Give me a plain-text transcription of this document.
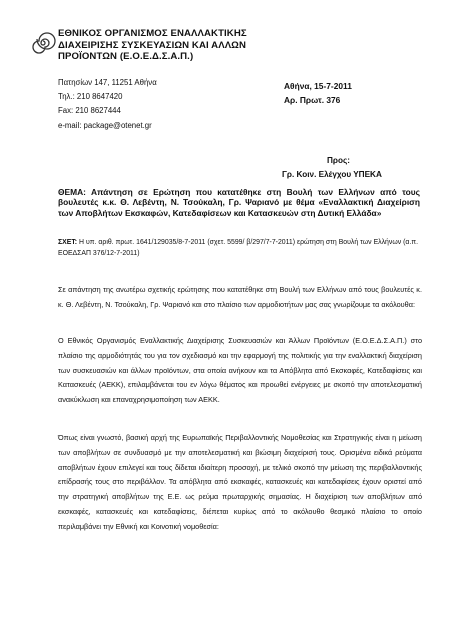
ΕΘΝΙΚΟΣ ΟΡΓΑΝΙΣΜΟΣ ΕΝΑΛΛΑΚΤΙΚΗΣ
ΔΙΑΧΕΙΡΙΣΗΣ ΣΥΣΚΕΥΑΣΙΩΝ ΚΑΙ ΑΛΛΩΝ
ΠΡΟΪΟΝΤΩΝ (Ε.Ο.Ε.Δ.Σ.Α.Π.)
Πατησίων 147, 11251 Αθήνα
Τηλ.: 210 8647420
Fax: 210 8627444
e-mail: package@otenet.gr
Αθήνα, 15-7-2011
Αρ. Πρωτ. 376
Προς:
Γρ. Κοιν. Ελέγχου ΥΠΕΚΑ
ΘΕΜΑ: Απάντηση σε Ερώτηση που κατατέθηκε στη Βουλή των Ελλήνων από τους βουλευτές κ.κ. Θ. Λεβέντη, Ν. Τσούκαλη, Γρ. Ψαριανό με θέμα «Εναλλακτική Διαχείριση των Αποβλήτων Εκσκαφών, Κατεδαφίσεων και Κατασκευών στη Δυτική Ελλάδα»
ΣΧΕΤ: Η υπ. αριθ. πρωτ. 1641/129035/8-7-2011 (σχετ. 5599/ β/297/7-7-2011) ερώτηση στη Βουλή των Ελλήνων (α.π. ΕΟΕΔΣΑΠ 376/12-7-2011)
Σε απάντηση της ανωτέρω σχετικής ερώτησης που κατατέθηκε στη Βουλή των Ελλήνων από τους βουλευτές κ. κ. Θ. Λεβέντη, Ν. Τσούκαλη, Γρ. Ψαριανό και στο πλαίσιο των αρμοδιοτήτων μας σας γνωρίζουμε τα ακόλουθα:
Ο Εθνικός Οργανισμός Εναλλακτικής Διαχείρισης Συσκευασιών και Άλλων Προϊόντων (Ε.Ο.Ε.Δ.Σ.Α.Π.) στο πλαίσιο της αρμοδιότητάς του για τον σχεδιασμό και την εφαρμογή της πολιτικής για την εναλλακτική διαχείριση των συσκευασιών και άλλων προϊόντων, στα οποία ανήκουν και τα Απόβλητα από Εκσκαφές, Κατεδαφίσεις και Κατασκευές (ΑΕΚΚ), επιλαμβάνεται του εν λόγω θέματος και προωθεί ενέργειες με σκοπό την αποτελεσματική ανακύκλωση και επαναχρησιμοποίηση των ΑΕΚΚ.
Όπως είναι γνωστό, βασική αρχή της Ευρωπαϊκής Περιβαλλοντικής Νομοθεσίας και Στρατηγικής είναι η μείωση των αποβλήτων σε συνδυασμό με την αποτελεσματική και βιώσιμη διαχείρισή τους. Ορισμένα ειδικά ρεύματα αποβλήτων έχουν επιλεγεί και τους δίδεται ιδιαίτερη προσοχή, με τελικό σκοπό την μείωση της περιβαλλοντικής επίδρασής τους στο περιβάλλον. Τα απόβλητα από εκσκαφές, κατασκευές και κατεδαφίσεις έχουν οριστεί από την στρατηγική αποβλήτων της Ε.Ε. ως ρεύμα πρωταρχικής σημασίας. Η διαχείριση των αποβλήτων από εκσκαφές, κατασκευές και κατεδαφίσεις, διέπεται κυρίως από το ακόλουθο θεσμικό πλαίσιο το οποίο περιλαμβάνει την Εθνική και Κοινοτική νομοθεσία:
